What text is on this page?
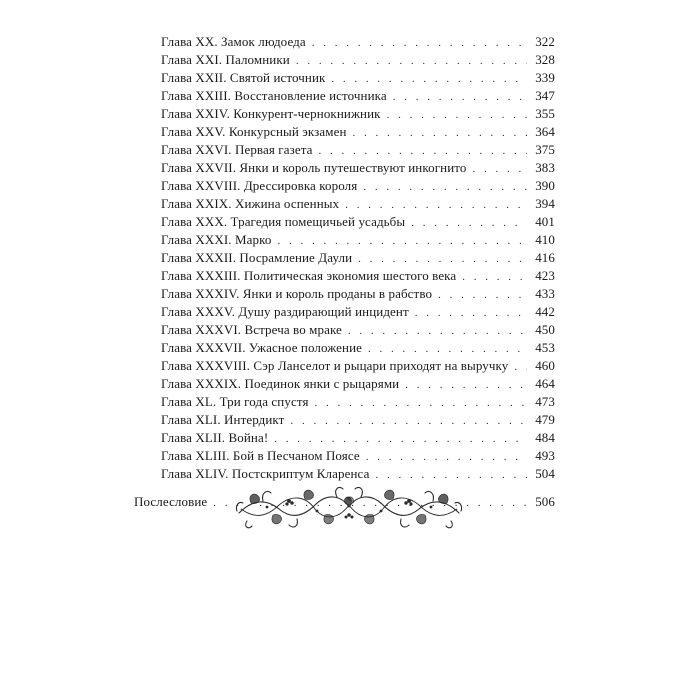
Глава XX. Замок людоеда . . .	322
Глава XXI. Паломники . . .	328
Глава XXII. Святой источник . . .	339
Глава XXIII. Восстановление источника . . .	347
Глава XXIV. Конкурент-чернокнижник . . .	355
Глава XXV. Конкурсный экзамен . . .	364
Глава XXVI. Первая газета . . .	375
Глава XXVII. Янки и король путешествуют инкогнито . . .	383
Глава XXVIII. Дрессировка короля . . .	390
Глава XXIX. Хижина оспенных . . .	394
Глава XXX. Трагедия помещичьей усадьбы . . .	401
Глава XXXI. Марко . . .	410
Глава XXXII. Посрамление Даули . . .	416
Глава XXXIII. Политическая экономия шестого века . . .	423
Глава XXXIV. Янки и король проданы в рабство . . .	433
Глава XXXV. Душу раздирающий инцидент . . .	442
Глава XXXVI. Встреча во мраке . . .	450
Глава XXXVII. Ужасное положение . . .	453
Глава XXXVIII. Сэр Ланселот и рыцари приходят на выручку . . . 460
Глава XXXIX. Поединок янки с рыцарями . . .	464
Глава XL. Три года спустя . . .	473
Глава XLI. Интердикт . . .	479
Глава XLII. Война! . . .	484
Глава XLIII. Бой в Песчаном Поясе . . .	493
Глава XLIV. Постскриптум Кларенса . . .	504
Послесловие . . .	506
